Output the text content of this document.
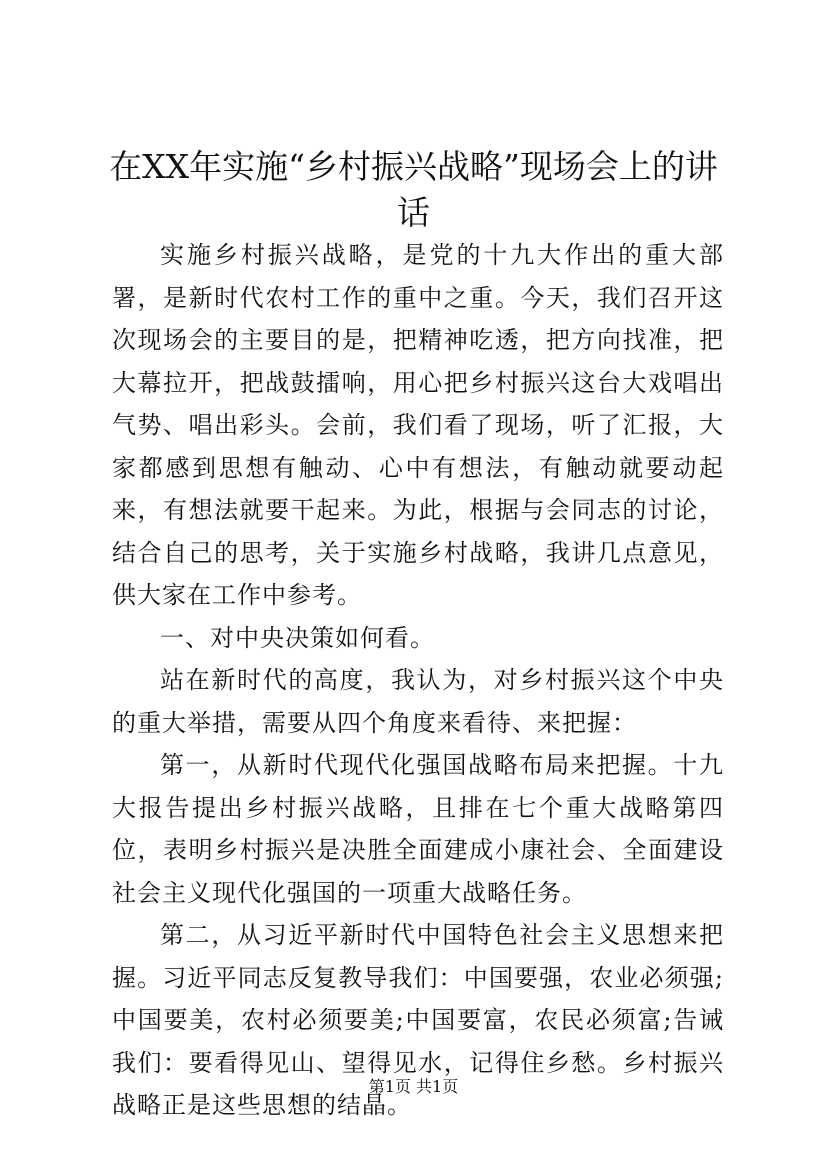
在XX年实施“乡村振兴战略”现场会上的讲话

实施乡村振兴战略，是党的十九大作出的重大部署，是新时代农村工作的重中之重。今天，我们召开这次现场会的主要目的是，把精神吃透，把方向找准，把大幕拉开，把战鼓擂响，用心把乡村振兴这台大戏唱出气势、唱出彩头。会前，我们看了现场，听了汇报，大家都感到思想有触动、心中有想法，有触动就要动起来，有想法就要干起来。为此，根据与会同志的讨论，结合自己的思考，关于实施乡村战略，我讲几点意见，供大家在工作中参考。

一、对中央决策如何看。

站在新时代的高度，我认为，对乡村振兴这个中央的重大举措，需要从四个角度来看待、来把握：

第一，从新时代现代化强国战略布局来把握。十九大报告提出乡村振兴战略，且排在七个重大战略第四位，表明乡村振兴是决胜全面建成小康社会、全面建设社会主义现代化强国的一项重大战略任务。

第二，从习近平新时代中国特色社会主义思想来把握。习近平同志反复教导我们：中国要强，农业必须强;中国要美，农村必须要美;中国要富，农民必须富;告诫我们：要看得见山、望得见水，记得住乡愁。乡村振兴战略正是这些思想的结晶。

第1页 共1页
